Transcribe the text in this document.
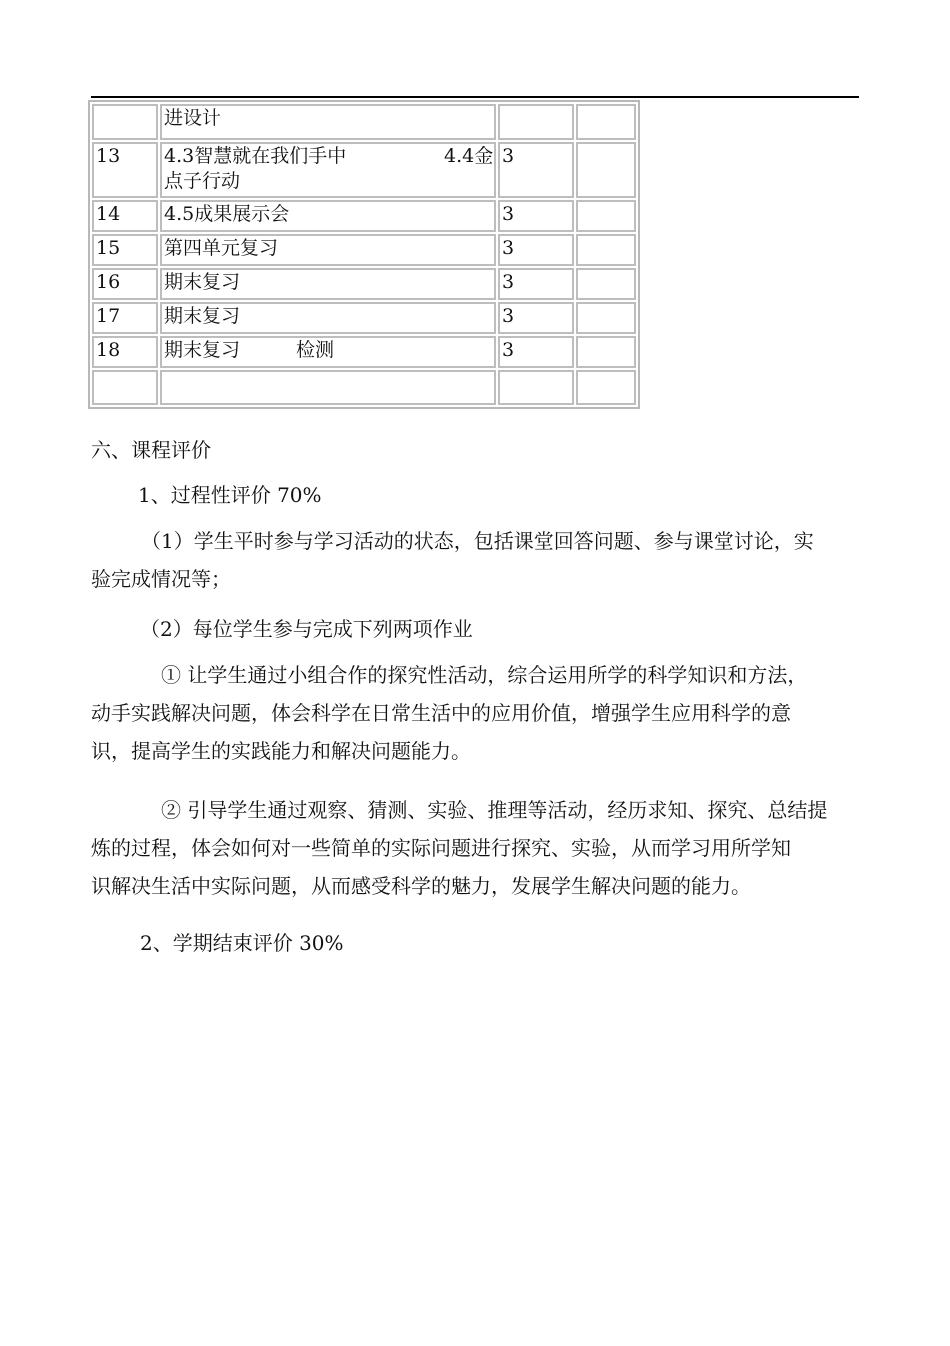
	进设计		
13	4.3智慧就在我们手中 4.4金
点子行动	3	
14	4.5成果展示会	3	
15	第四单元复习	3	
16	期末复习	3	
17	期末复习	3	
18	期末复习 检测	3	

六、课程评价
1、过程性评价 70%
（1）学生平时参与学习活动的状态，包括课堂回答问题、参与课堂讨论，实
验完成情况等；
（2）每位学生参与完成下列两项作业
① 让学生通过小组合作的探究性活动，综合运用所学的科学知识和方法，
动手实践解决问题，体会科学在日常生活中的应用价值，增强学生应用科学的意
识，提高学生的实践能力和解决问题能力。
② 引导学生通过观察、猜测、实验、推理等活动，经历求知、探究、总结提
炼的过程，体会如何对一些简单的实际问题进行探究、实验，从而学习用所学知
识解决生活中实际问题，从而感受科学的魅力，发展学生解决问题的能力。
2、学期结束评价 30%
